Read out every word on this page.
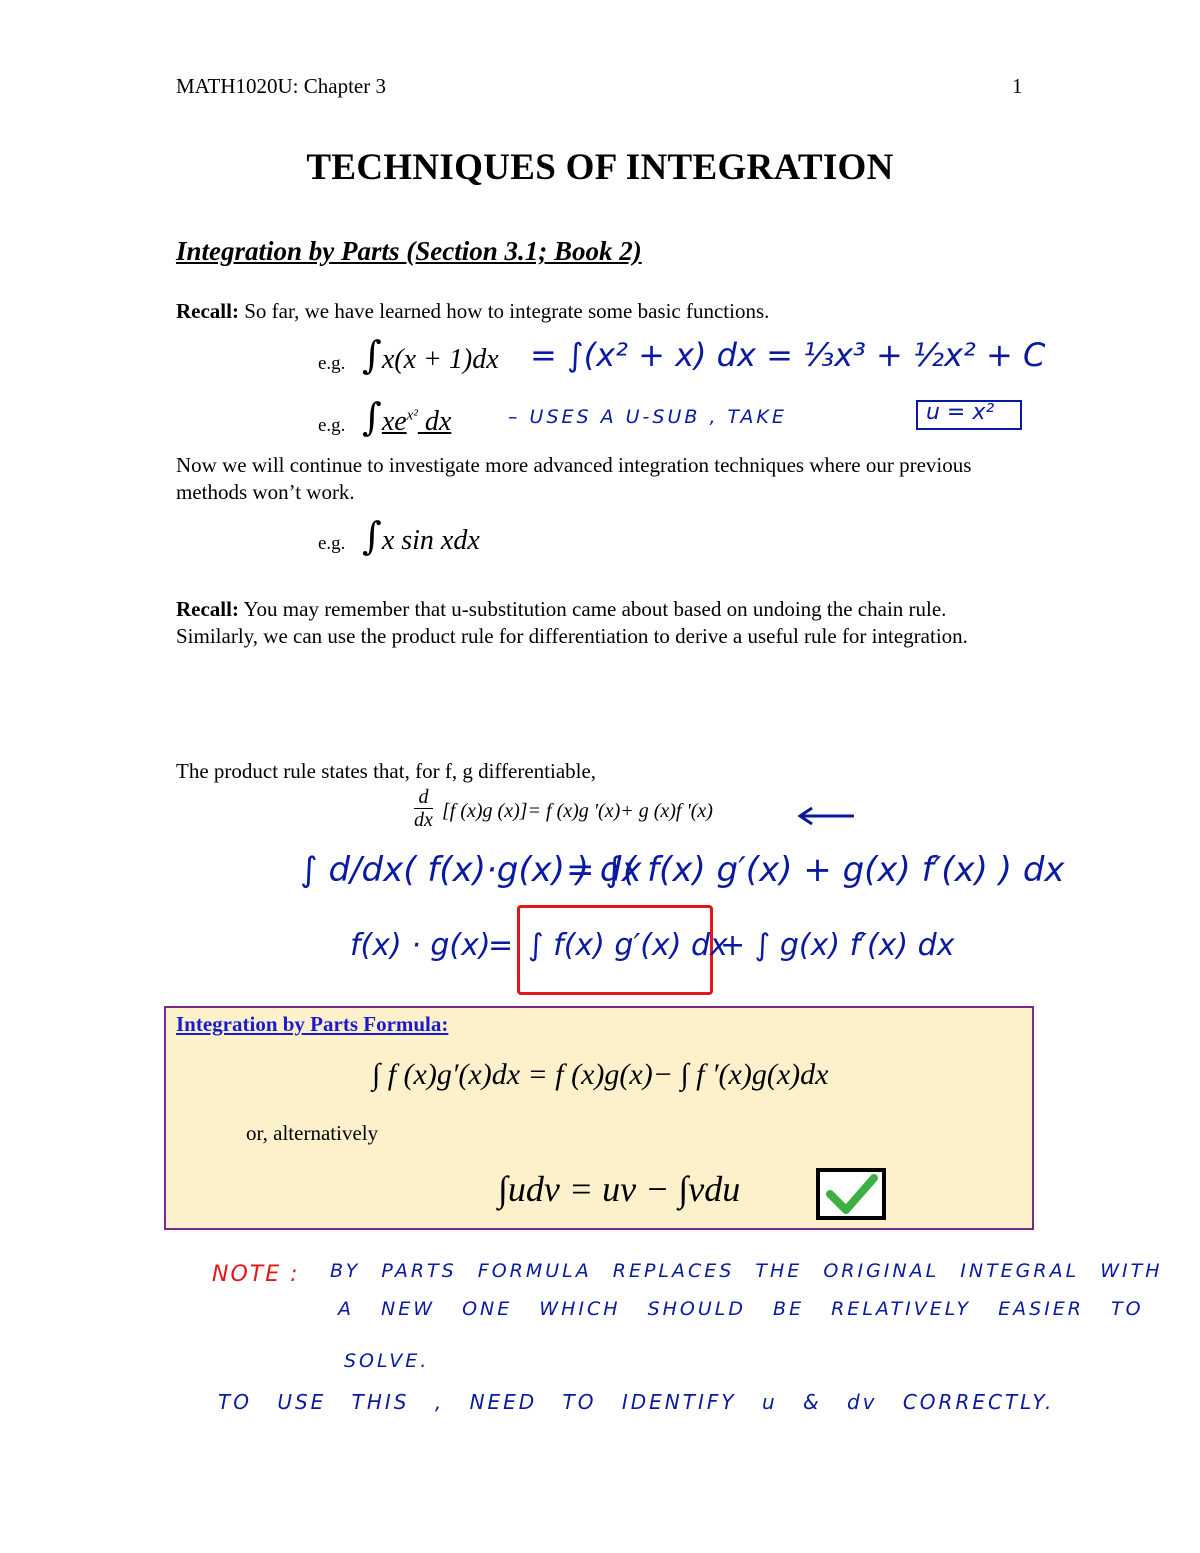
MATH1020U: Chapter 3	1
TECHNIQUES OF INTEGRATION
Integration by Parts (Section 3.1; Book 2)
Recall: So far, we have learned how to integrate some basic functions.
e.g. ∫x(x + 1)dx = ∫(x² + x) dx = ⅓x³ + ½x² + C
e.g. $\int xe^{x^2}$ dx	– USES A U-SUB , TAKE	u = x²
Now we will continue to investigate more advanced integration techniques where our previous methods won’t work.
e.g. ∫x sin xdx
Recall: You may remember that u-substitution came about based on undoing the chain rule. Similarly, we can use the product rule for differentiation to derive a useful rule for integration.
The product rule states that, for f, g differentiable,
d
dx [f (x)g (x)]= f (x)g '(x)+ g (x)f '(x)
∫ d/dx( f(x)·g(x) ) dx
= ∫( f(x) g′(x) + g(x) f′(x) ) dx
f(x) · g(x)
= ∫ f(x) g′(x) dx
+ ∫ g(x) f′(x) dx
Integration by Parts Formula:
∫ f (x)g′(x)dx = f (x)g(x)− ∫ f ′(x)g(x)dx
or, alternatively
∫udv = uv − ∫vdu
NOTE : BY PARTS FORMULA REPLACES THE ORIGINAL INTEGRAL WITH
A NEW ONE WHICH SHOULD BE RELATIVELY EASIER TO
SOLVE.
TO USE THIS , NEED TO IDENTIFY u & dv CORRECTLY.
